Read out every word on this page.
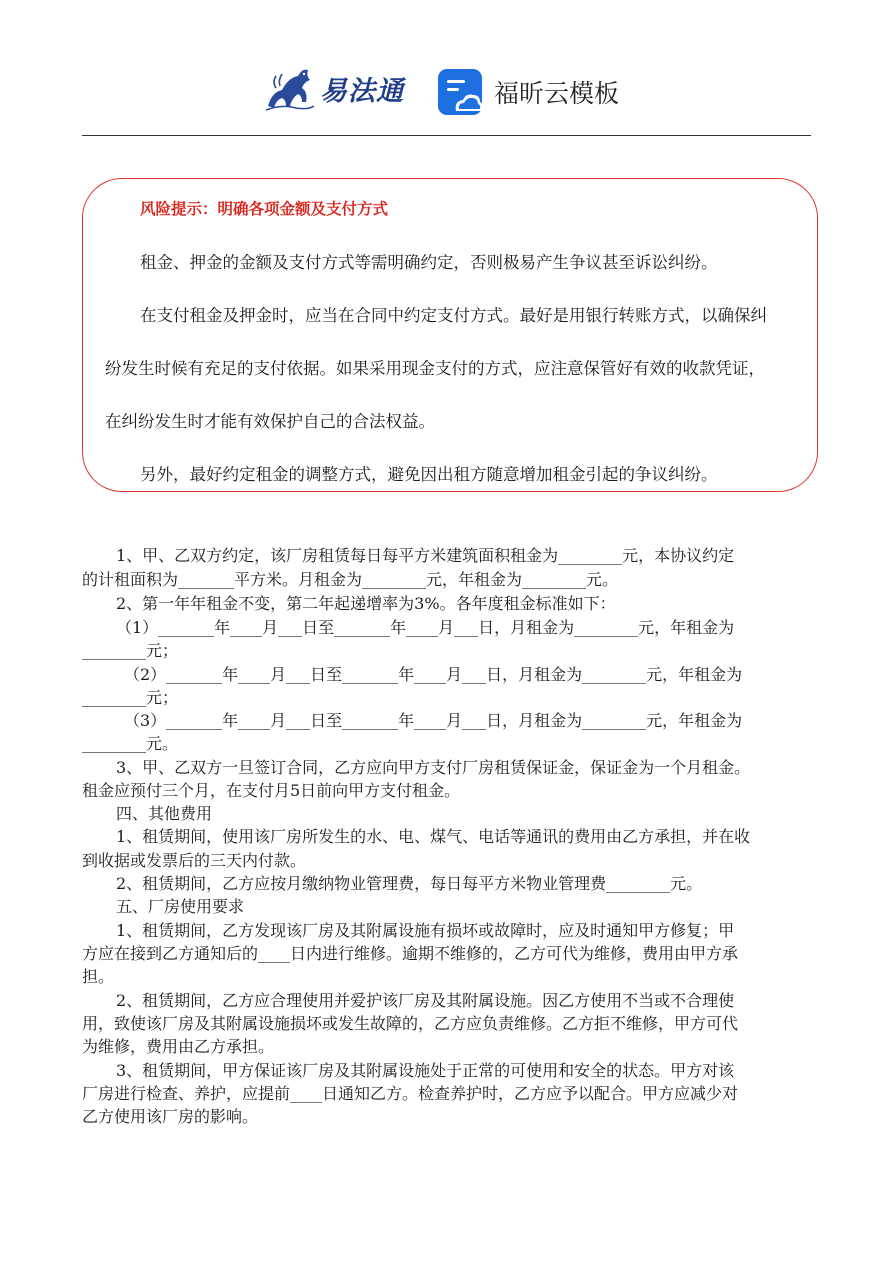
易法通	福昕云模板
风险提示：明确各项金额及支付方式
租金、押金的金额及支付方式等需明确约定，否则极易产生争议甚至诉讼纠纷。
在支付租金及押金时，应当在合同中约定支付方式。最好是用银行转账方式，以确保纠
纷发生时候有充足的支付依据。如果采用现金支付的方式，应注意保管好有效的收款凭证，
在纠纷发生时才能有效保护自己的合法权益。
另外，最好约定租金的调整方式，避免因出租方随意增加租金引起的争议纠纷。
1、甲、乙双方约定，该厂房租赁每日每平方米建筑面积租金为________元，本协议约定
的计租面积为_______平方米。月租金为________元，年租金为________元。
2、第一年年租金不变，第二年起递增率为3%。各年度租金标准如下：
（1）_______年____月___日至_______年____月___日，月租金为________元，年租金为
________元；
（2）_______年____月___日至_______年____月___日，月租金为________元，年租金为
________元；
（3）_______年____月___日至_______年____月___日，月租金为________元，年租金为
________元。
3、甲、乙双方一旦签订合同，乙方应向甲方支付厂房租赁保证金，保证金为一个月租金。
租金应预付三个月，在支付月5日前向甲方支付租金。
四、其他费用
1、租赁期间，使用该厂房所发生的水、电、煤气、电话等通讯的费用由乙方承担，并在收
到收据或发票后的三天内付款。
2、租赁期间，乙方应按月缴纳物业管理费，每日每平方米物业管理费________元。
五、厂房使用要求
1、租赁期间，乙方发现该厂房及其附属设施有损坏或故障时，应及时通知甲方修复；甲
方应在接到乙方通知后的____日内进行维修。逾期不维修的，乙方可代为维修，费用由甲方承
担。
2、租赁期间，乙方应合理使用并爱护该厂房及其附属设施。因乙方使用不当或不合理使
用，致使该厂房及其附属设施损坏或发生故障的，乙方应负责维修。乙方拒不维修，甲方可代
为维修，费用由乙方承担。
3、租赁期间，甲方保证该厂房及其附属设施处于正常的可使用和安全的状态。甲方对该
厂房进行检查、养护，应提前____日通知乙方。检查养护时，乙方应予以配合。甲方应减少对
乙方使用该厂房的影响。
